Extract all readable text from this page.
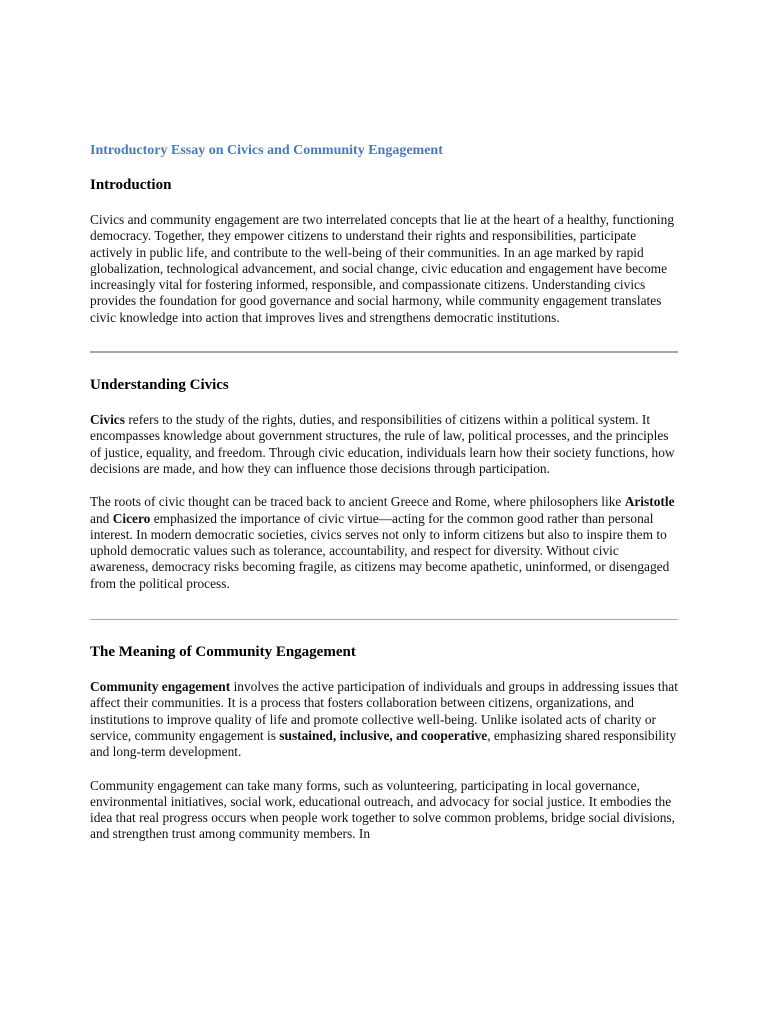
Introductory Essay on Civics and Community Engagement
Introduction

Civics and community engagement are two interrelated concepts that lie at the heart of a healthy, functioning democracy. Together, they empower citizens to understand their rights and responsibilities, participate actively in public life, and contribute to the well-being of their communities. In an age marked by rapid globalization, technological advancement, and social change, civic education and engagement have become increasingly vital for fostering informed, responsible, and compassionate citizens. Understanding civics provides the foundation for good governance and social harmony, while community engagement translates civic knowledge into action that improves lives and strengthens democratic institutions.

Understanding Civics

Civics refers to the study of the rights, duties, and responsibilities of citizens within a political system. It encompasses knowledge about government structures, the rule of law, political processes, and the principles of justice, equality, and freedom. Through civic education, individuals learn how their society functions, how decisions are made, and how they can influence those decisions through participation.

The roots of civic thought can be traced back to ancient Greece and Rome, where philosophers like Aristotle and Cicero emphasized the importance of civic virtue—acting for the common good rather than personal interest. In modern democratic societies, civics serves not only to inform citizens but also to inspire them to uphold democratic values such as tolerance, accountability, and respect for diversity. Without civic awareness, democracy risks becoming fragile, as citizens may become apathetic, uninformed, or disengaged from the political process.

The Meaning of Community Engagement

Community engagement involves the active participation of individuals and groups in addressing issues that affect their communities. It is a process that fosters collaboration between citizens, organizations, and institutions to improve quality of life and promote collective well-being. Unlike isolated acts of charity or service, community engagement is sustained, inclusive, and cooperative, emphasizing shared responsibility and long-term development.

Community engagement can take many forms, such as volunteering, participating in local governance, environmental initiatives, social work, educational outreach, and advocacy for social justice. It embodies the idea that real progress occurs when people work together to solve common problems, bridge social divisions, and strengthen trust among community members. In
